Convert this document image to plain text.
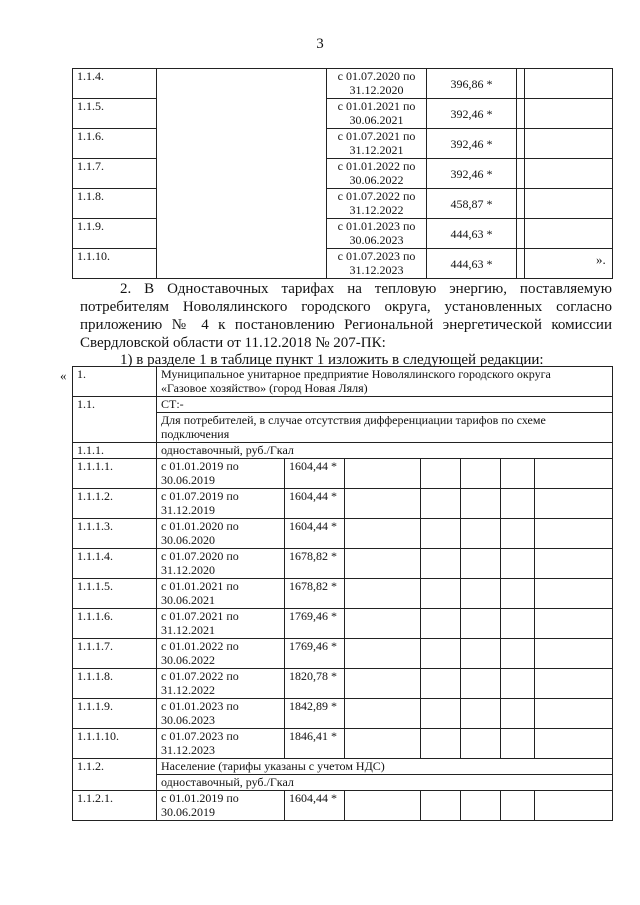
3
1.1.4.		с 01.07.2020 по
31.12.2020	396,86 *		
1.1.5.		с 01.01.2021 по
30.06.2021	392,46 *		
1.1.6.		с 01.07.2021 по
31.12.2021	392,46 *		
1.1.7.		с 01.01.2022 по
30.06.2022	392,46 *		
1.1.8.		с 01.07.2022 по
31.12.2022	458,87 *		
1.1.9.		с 01.01.2023 по
30.06.2023	444,63 *		
1.1.10.		с 01.07.2023 по
31.12.2023	444,63 *			».

2. В Одноставочных тарифах на тепловую энергию, поставляемую потребителям Новолялинского городского округа, установленных согласно приложению № 4 к постановлению Региональной энергетической комиссии Свердловской области от 11.12.2018 № 207-ПК:

1) в разделе 1 в таблице пункт 1 изложить в следующей редакции:

« 1.	Муниципальное унитарное предприятие Новолялинского городского округа
«Газовое хозяйство» (город Новая Ляля)						
1.1.	СТ:-						
	Для потребителей, в случае отсутствия дифференциации тарифов по схеме
подключения						
1.1.1.	одноставочный, руб./Гкал						
1.1.1.1.	с 01.01.2019 по
30.06.2019	1604,44 *					
1.1.1.2.	с 01.07.2019 по
31.12.2019	1604,44 *					
1.1.1.3.	с 01.01.2020 по
30.06.2020	1604,44 *					
1.1.1.4.	с 01.07.2020 по
31.12.2020	1678,82 *					
1.1.1.5.	с 01.01.2021 по
30.06.2021	1678,82 *					
1.1.1.6.	с 01.07.2021 по
31.12.2021	1769,46 *					
1.1.1.7.	с 01.01.2022 по
30.06.2022	1769,46 *					
1.1.1.8.	с 01.07.2022 по
31.12.2022	1820,78 *					
1.1.1.9.	с 01.01.2023 по
30.06.2023	1842,89 *					
1.1.1.10.	с 01.07.2023 по
31.12.2023	1846,41 *					
1.1.2.	Население (тарифы указаны с учетом НДС)						
	одноставочный, руб./Гкал						
1.1.2.1.	с 01.01.2019 по
30.06.2019	1604,44 *					
